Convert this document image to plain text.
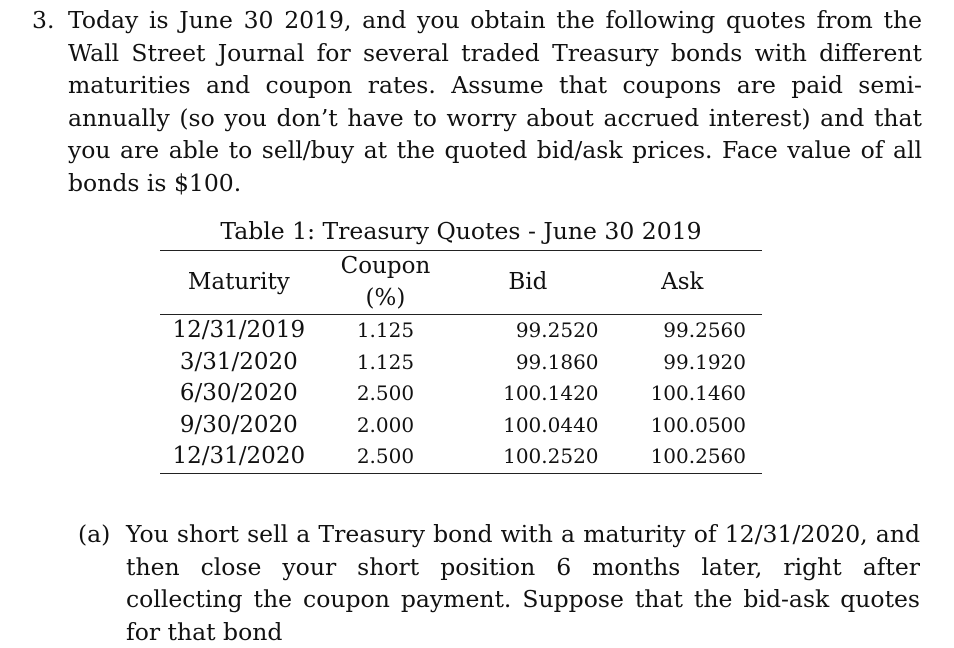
3. Today is June 30 2019, and you obtain the following quotes from the Wall Street Journal for several traded Treasury bonds with different maturities and coupon rates. Assume that coupons are paid semi-annually (so you don’t have to worry about accrued interest) and that you are able to sell/buy at the quoted bid/ask prices. Face value of all bonds is $100.
Table 1: Treasury Quotes - June 30 2019
Maturity	Coupon (%)	Bid	Ask
12/31/2019	1.125	99.2520	99.2560
3/31/2020	1.125	99.1860	99.1920
6/30/2020	2.500	100.1420	100.1460
9/30/2020	2.000	100.0440	100.0500
12/31/2020	2.500	100.2520	100.2560
(a) You short sell a Treasury bond with a maturity of 12/31/2020, and then close your short position 6 months later, right after collecting the coupon payment. Suppose that the bid-ask quotes for that bond
